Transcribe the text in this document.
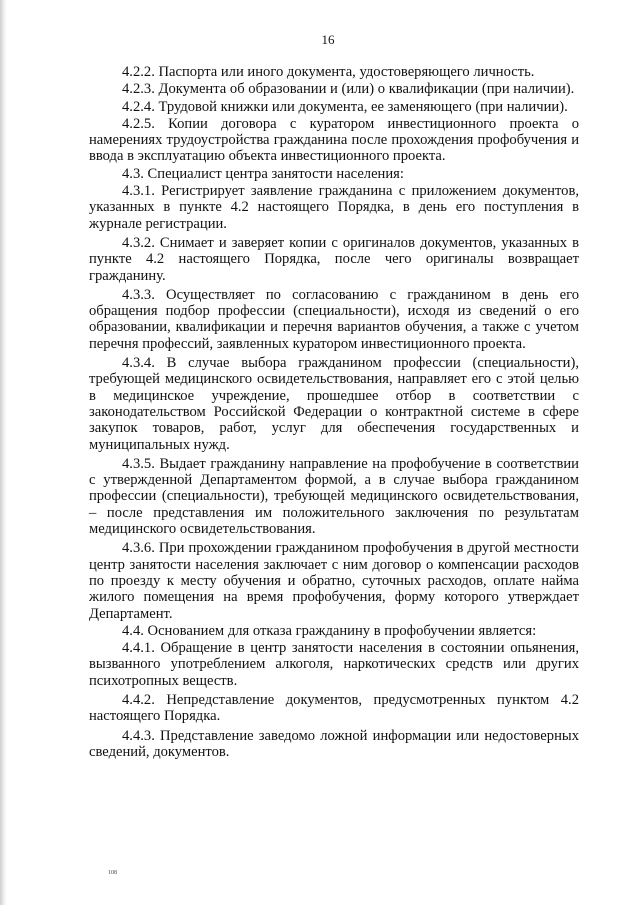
16

4.2.2. Паспорта или иного документа, удостоверяющего личность.

4.2.3. Документа об образовании и (или) о квалификации (при наличии).

4.2.4. Трудовой книжки или документа, ее заменяющего (при наличии).

4.2.5. Копии договора с куратором инвестиционного проекта о намерениях трудоустройства гражданина после прохождения профобучения и ввода в эксплуатацию объекта инвестиционного проекта.

4.3. Специалист центра занятости населения:

4.3.1. Регистрирует заявление гражданина с приложением документов, указанных в пункте 4.2 настоящего Порядка, в день его поступления в журнале регистрации.

4.3.2. Снимает и заверяет копии с оригиналов документов, указанных в пункте 4.2 настоящего Порядка, после чего оригиналы возвращает гражданину.

4.3.3. Осуществляет по согласованию с гражданином в день его обращения подбор профессии (специальности), исходя из сведений о его образовании, квалификации и перечня вариантов обучения, а также с учетом перечня профессий, заявленных куратором инвестиционного проекта.

4.3.4. В случае выбора гражданином профессии (специальности), требующей медицинского освидетельствования, направляет его с этой целью в медицинское учреждение, прошедшее отбор в соответствии с законодательством Российской Федерации о контрактной системе в сфере закупок товаров, работ, услуг для обеспечения государственных и муниципальных нужд.

4.3.5. Выдает гражданину направление на профобучение в соответствии с утвержденной Департаментом формой, а в случае выбора гражданином профессии (специальности), требующей медицинского освидетельствования, – после представления им положительного заключения по результатам медицинского освидетельствования.

4.3.6. При прохождении гражданином профобучения в другой местности центр занятости населения заключает с ним договор о компенсации расходов по проезду к месту обучения и обратно, суточных расходов, оплате найма жилого помещения на время профобучения, форму которого утверждает Департамент.

4.4. Основанием для отказа гражданину в профобучении является:

4.4.1. Обращение в центр занятости населения в состоянии опьянения, вызванного употреблением алкоголя, наркотических средств или других психотропных веществ.

4.4.2. Непредставление документов, предусмотренных пунктом 4.2 настоящего Порядка.

4.4.3. Представление заведомо ложной информации или недостоверных сведений, документов.

108
